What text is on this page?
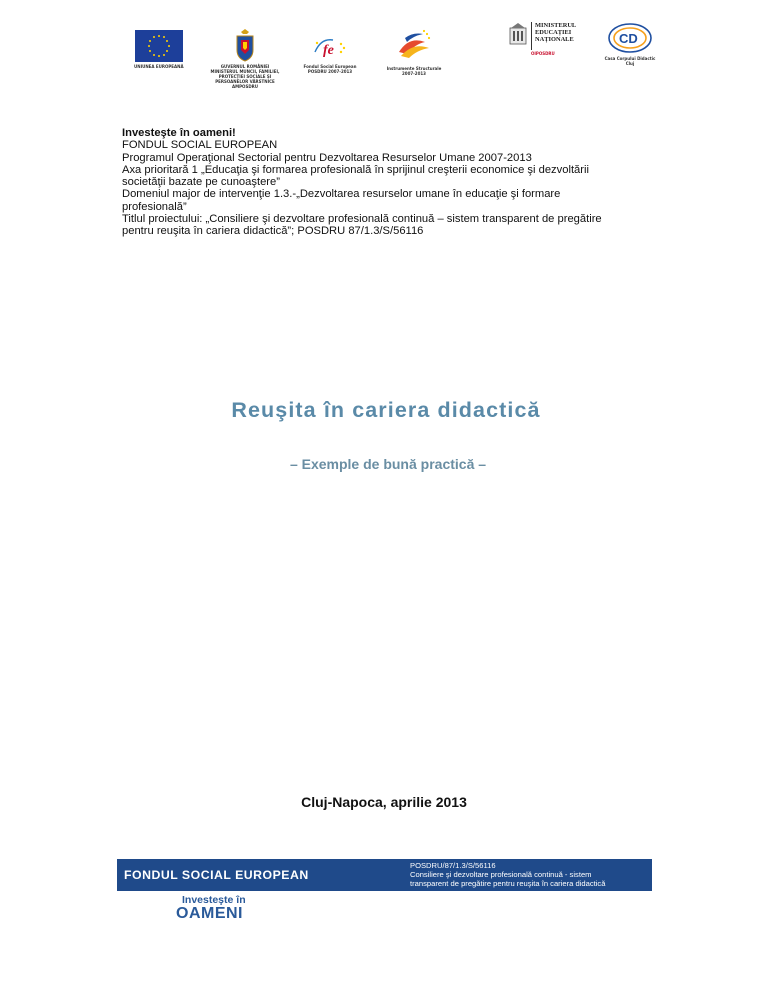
UNIUNEA EUROPEANĂ	GUVERNUL ROMÂNIEI
MINISTERUL MUNCII, FAMILIEI,
PROTECȚIEI SOCIALE ȘI
PERSOANELOR VÂRSTNICE
AMPOSDRU
fe
Fondul Social European
POSDRU 2007-2013
Instrumente Structurale
2007-2013
MINISTERUL
EDUCAȚIEI
NAȚIONALE
OIPOSDRU
CD
Casa Corpului Didactic
Cluj
Investeşte în oameni!
FONDUL SOCIAL EUROPEAN
Programul Operaţional Sectorial pentru Dezvoltarea Resurselor Umane 2007-2013
Axa prioritară 1 „Educaţia şi formarea profesională în sprijinul creşterii economice şi dezvoltării
societăţii bazate pe cunoaştere”
Domeniul major de intervenţie 1.3.-„Dezvoltarea resurselor umane în educaţie şi formare
profesională”
Titlul proiectului: „Consiliere şi dezvoltare profesională continuă – sistem transparent de pregătire
pentru reuşita în cariera didactică”; POSDRU 87/1.3/S/56116
Reuşita în cariera didactică
– Exemple de bună practică –
Cluj-Napoca, aprilie 2013
FONDUL SOCIAL EUROPEAN
POSDRU/87/1.3/S/56116
Consiliere şi dezvoltare profesională continuă - sistem
transparent de pregătire pentru reuşita în cariera didactică
Investeşte în
OAMENI
